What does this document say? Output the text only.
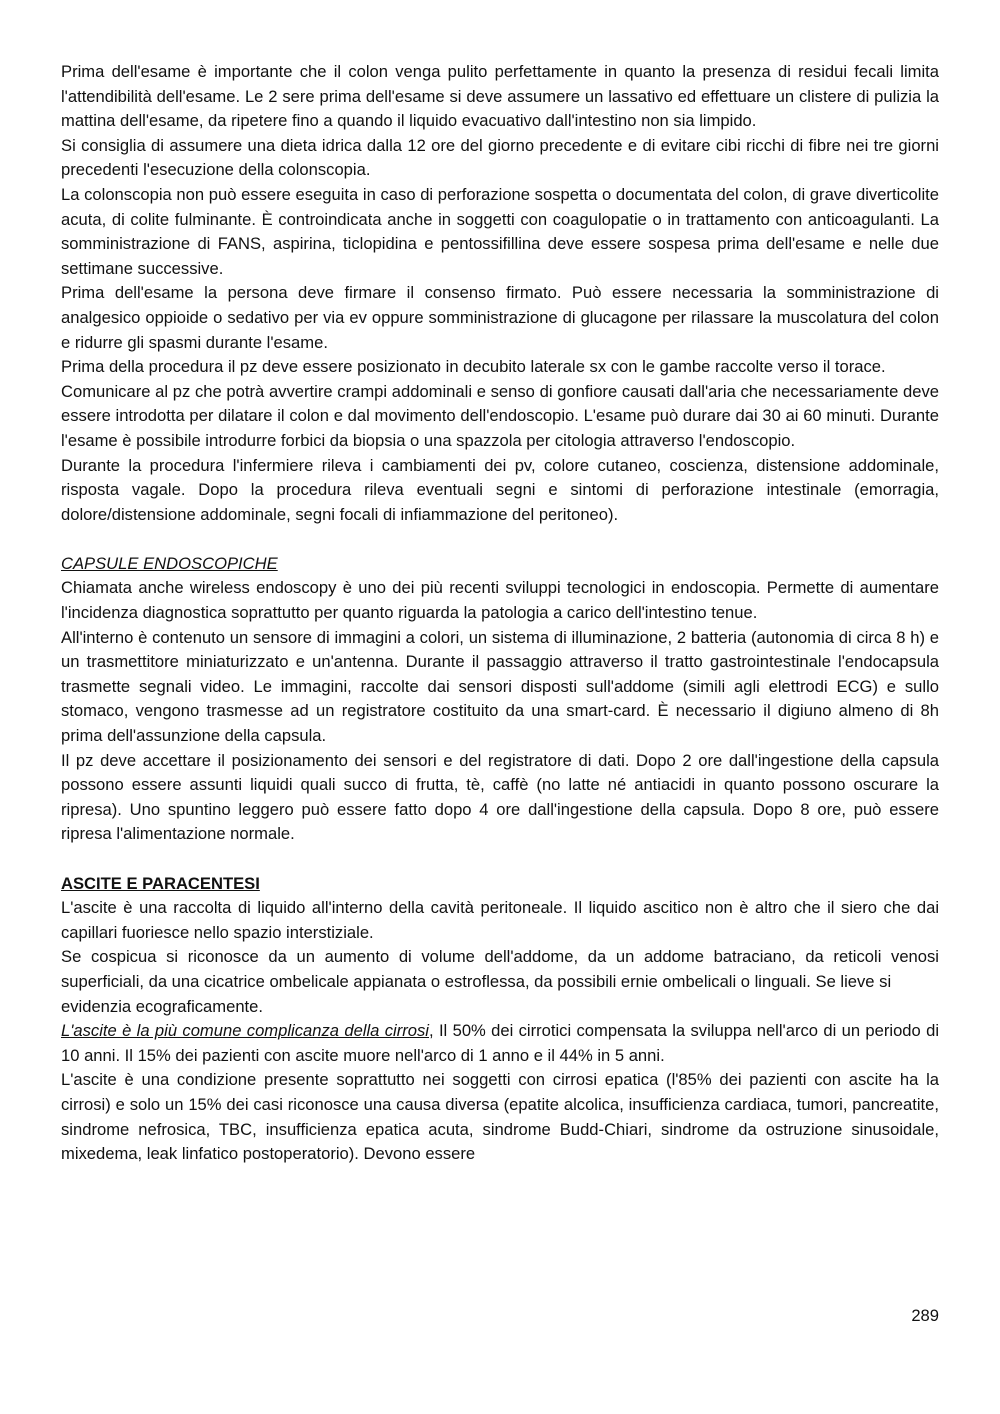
Prima dell'esame è importante che il colon venga pulito perfettamente in quanto la presenza di residui fecali limita l'attendibilità dell'esame. Le 2 sere prima dell'esame si deve assumere un lassativo ed effettuare un clistere di pulizia la mattina dell'esame, da ripetere fino a quando il liquido evacuativo dall'intestino non sia limpido.

Si consiglia di assumere una dieta idrica dalla 12 ore del giorno precedente e di evitare cibi ricchi di fibre nei tre giorni precedenti l'esecuzione della colonscopia.

La colonscopia non può essere eseguita in caso di perforazione sospetta o documentata del colon, di grave diverticolite acuta, di colite fulminante. È controindicata anche in soggetti con coagulopatie o in trattamento con anticoagulanti. La somministrazione di FANS, aspirina, ticlopidina e pentossifillina deve essere sospesa prima dell'esame e nelle due settimane successive.

Prima dell'esame la persona deve firmare il consenso firmato. Può essere necessaria la somministrazione di analgesico oppioide o sedativo per via ev oppure somministrazione di glucagone per rilassare la muscolatura del colon e ridurre gli spasmi durante l'esame.

Prima della procedura il pz deve essere posizionato in decubito laterale sx con le gambe raccolte verso il torace.

Comunicare al pz che potrà avvertire crampi addominali e senso di gonfiore causati dall'aria che necessariamente deve essere introdotta per dilatare il colon e dal movimento dell'endoscopio. L'esame può durare dai 30 ai 60 minuti. Durante l'esame è possibile introdurre forbici da biopsia o una spazzola per citologia attraverso l'endoscopio.

Durante la procedura l'infermiere rileva i cambiamenti dei pv, colore cutaneo, coscienza, distensione addominale, risposta vagale. Dopo la procedura rileva eventuali segni e sintomi di perforazione intestinale (emorragia, dolore/distensione addominale, segni focali di infiammazione del peritoneo).

CAPSULE ENDOSCOPICHE

Chiamata anche wireless endoscopy è uno dei più recenti sviluppi tecnologici in endoscopia. Permette di aumentare l'incidenza diagnostica soprattutto per quanto riguarda la patologia a carico dell'intestino tenue.

All'interno è contenuto un sensore di immagini a colori, un sistema di illuminazione, 2 batteria (autonomia di circa 8 h) e un trasmettitore miniaturizzato e un'antenna. Durante il passaggio attraverso il tratto gastrointestinale l'endocapsula trasmette segnali video. Le immagini, raccolte dai sensori disposti sull'addome (simili agli elettrodi ECG) e sullo stomaco, vengono trasmesse ad un registratore costituito da una smart-card. È necessario il digiuno almeno di 8h prima dell'assunzione della capsula.

Il pz deve accettare il posizionamento dei sensori e del registratore di dati. Dopo 2 ore dall'ingestione della capsula possono essere assunti liquidi quali succo di frutta, tè, caffè (no latte né antiacidi in quanto possono oscurare la ripresa). Uno spuntino leggero può essere fatto dopo 4 ore dall'ingestione della capsula. Dopo 8 ore, può essere ripresa l'alimentazione normale.

ASCITE E PARACENTESI

L'ascite è una raccolta di liquido all'interno della cavità peritoneale. Il liquido ascitico non è altro che il siero che dai capillari fuoriesce nello spazio interstiziale.

Se cospicua si riconosce da un aumento di volume dell'addome, da un addome batraciano, da reticoli venosi superficiali, da una cicatrice ombelicale appianata o estroflessa, da possibili ernie ombelicali o linguali. Se lieve si

evidenzia ecograficamente.

L'ascite è la più comune complicanza della cirrosi, Il 50% dei cirrotici compensata la sviluppa nell'arco di un periodo di 10 anni. Il 15% dei pazienti con ascite muore nell'arco di 1 anno e il 44% in 5 anni.

L'ascite è una condizione presente soprattutto nei soggetti con cirrosi epatica (l'85% dei pazienti con ascite ha la cirrosi) e solo un 15% dei casi riconosce una causa diversa (epatite alcolica, insufficienza cardiaca, tumori, pancreatite, sindrome nefrosica, TBC, insufficienza epatica acuta, sindrome Budd-Chiari, sindrome da ostruzione sinusoidale, mixedema, leak linfatico postoperatorio). Devono essere

289
